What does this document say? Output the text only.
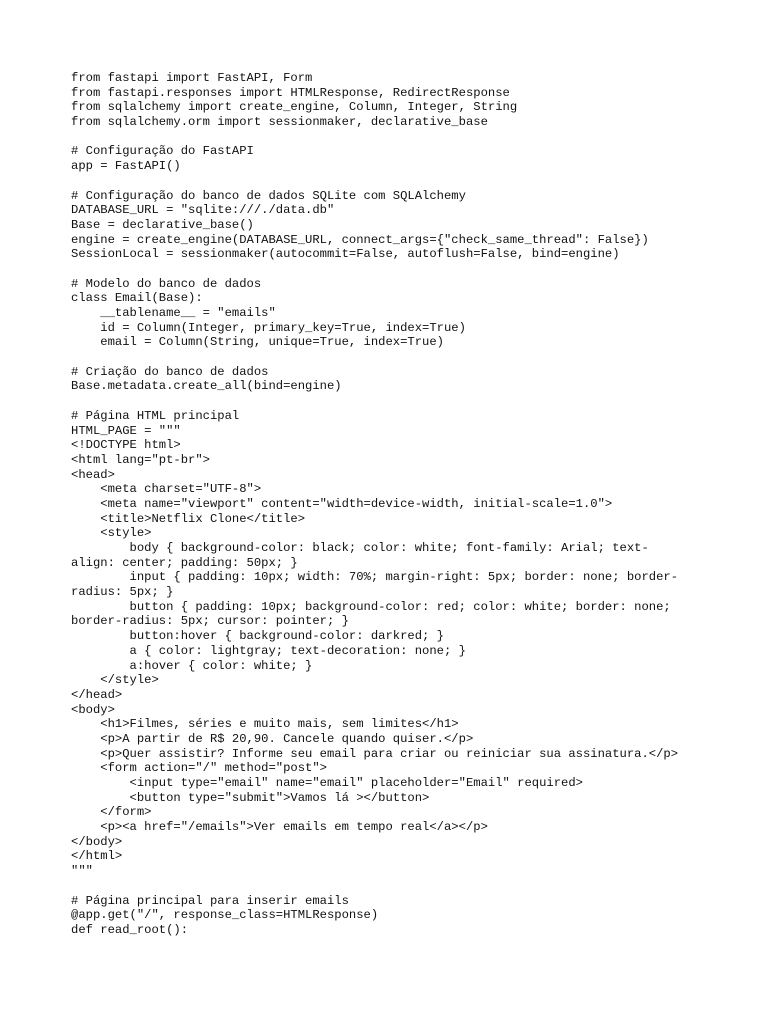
from fastapi import FastAPI, Form
from fastapi.responses import HTMLResponse, RedirectResponse
from sqlalchemy import create_engine, Column, Integer, String
from sqlalchemy.orm import sessionmaker, declarative_base
# Configuração do FastAPI
app = FastAPI()
# Configuração do banco de dados SQLite com SQLAlchemy
DATABASE_URL = "sqlite:///./data.db"
Base = declarative_base()
engine = create_engine(DATABASE_URL, connect_args={"check_same_thread": False})
SessionLocal = sessionmaker(autocommit=False, autoflush=False, bind=engine)
# Modelo do banco de dados
class Email(Base):
__tablename__ = "emails"
id = Column(Integer, primary_key=True, index=True)
email = Column(String, unique=True, index=True)
# Criação do banco de dados
Base.metadata.create_all(bind=engine)
# Página HTML principal
HTML_PAGE = """
<!DOCTYPE html>
<html lang="pt-br">
<head>
<meta charset="UTF-8">
<meta name="viewport" content="width=device-width, initial-scale=1.0">
<title>Netflix Clone</title>
<style>
body { background-color: black; color: white; font-family: Arial; text-
align: center; padding: 50px; }
input { padding: 10px; width: 70%; margin-right: 5px; border: none; border-
radius: 5px; }
button { padding: 10px; background-color: red; color: white; border: none;
border-radius: 5px; cursor: pointer; }
button:hover { background-color: darkred; }
a { color: lightgray; text-decoration: none; }
a:hover { color: white; }
</style>
</head>
<body>
<h1>Filmes, séries e muito mais, sem limites</h1>
<p>A partir de R$ 20,90. Cancele quando quiser.</p>
<p>Quer assistir? Informe seu email para criar ou reiniciar sua assinatura.</p>
<form action="/" method="post">
<input type="email" name="email" placeholder="Email" required>
<button type="submit">Vamos lá ></button>
</form>
<p><a href="/emails">Ver emails em tempo real</a></p>
</body>
</html>
"""
# Página principal para inserir emails
@app.get("/", response_class=HTMLResponse)
def read_root():
